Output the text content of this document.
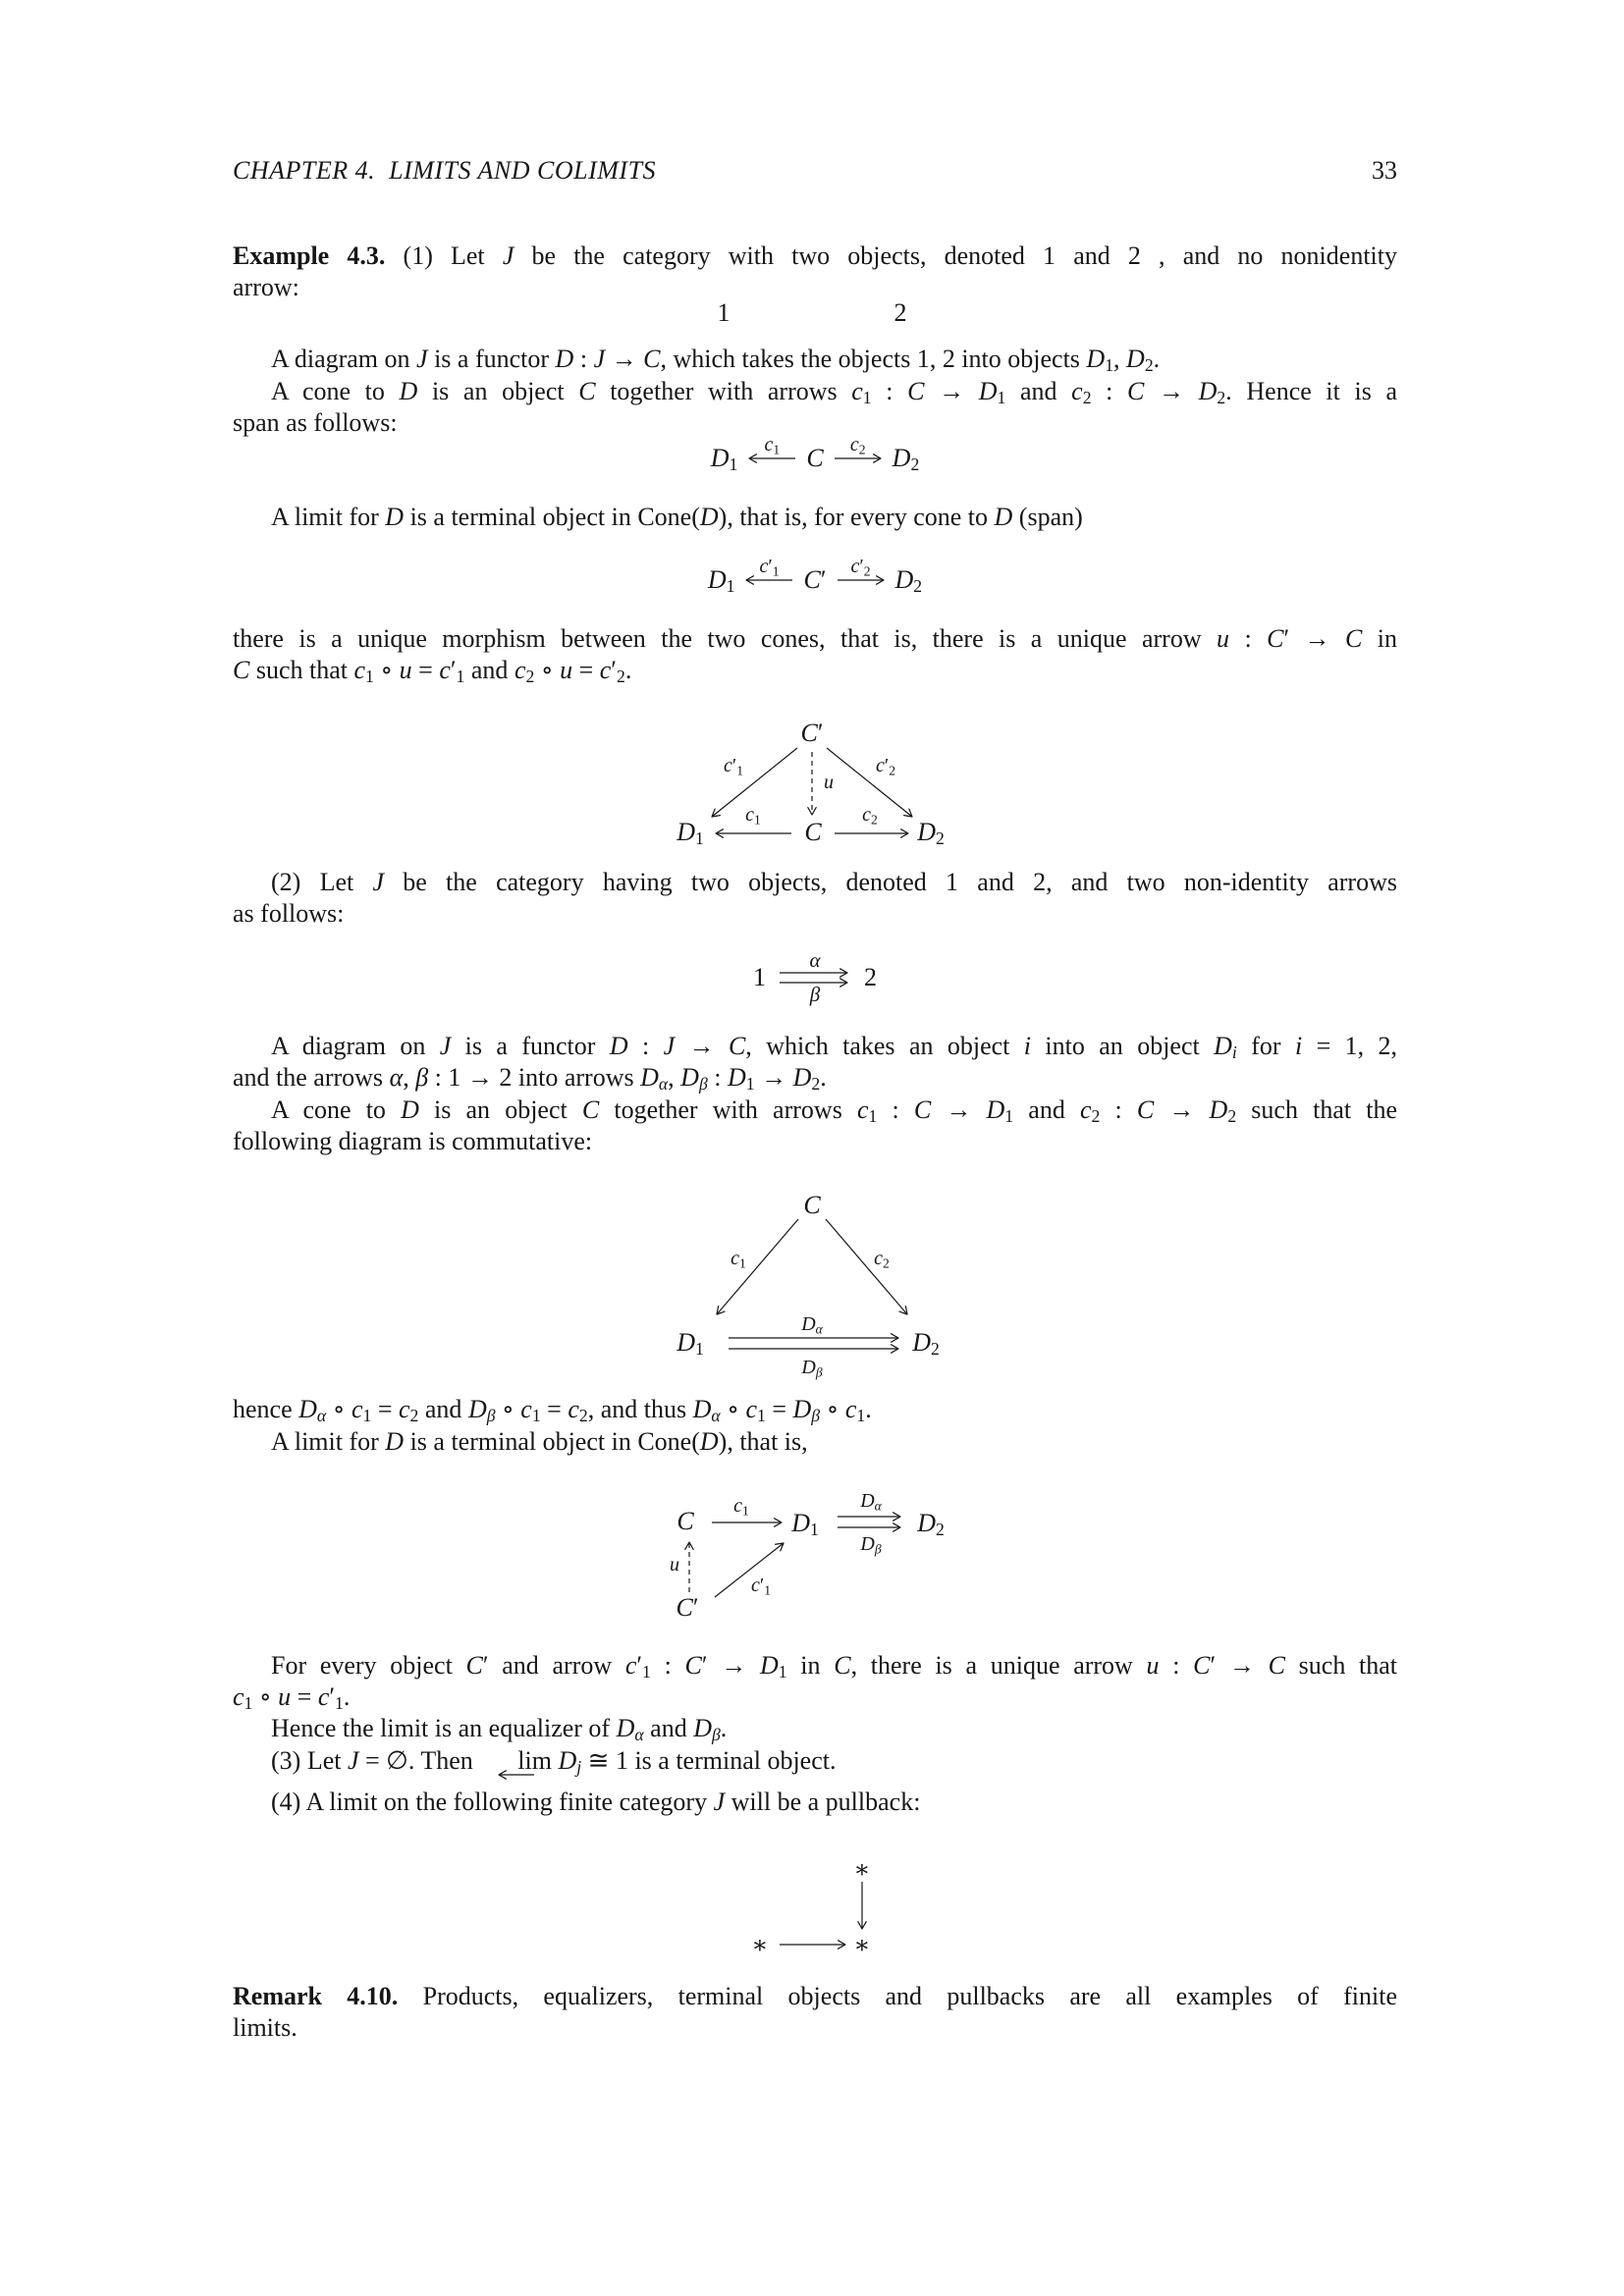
CHAPTER 4.  LIMITS AND COLIMITS	33
Example 4.3. (1) Let J be the category with two objects, denoted 1 and 2 , and no nonidentity
arrow:
1	2
A diagram on J is a functor D : J → C, which takes the objects 1, 2 into objects $D_1$, $D_2$.
A cone to D is an object C together with arrows $c_1$ : $C \to D_1$ and $c_2$ : $C \to D_2$. Hence it is a
span as follows:
$D_1$
$c_1$ C $c_2$ $D_2$
A limit for D is a terminal object in Cone(D), that is, for every cone to D (span)
$D_1$
$c'_1$ C′ $c'_2$ $D_2$
there is a unique morphism between the two cones, that is, there is a unique arrow u : C′ → C in
C such that $c_1$ ∘ $u = c'_1$ and $c_2$ ∘ $u = c'_2$.
C′
$c'_1$	$c'_2$
u
$D_1$
$c_1$ C
$c_2$ $D_2$
(2) Let J be the category having two objects, denoted 1 and 2, and two non-identity arrows
as follows:
1
α
β
2
A diagram on J is a functor D : J → C, which takes an object i into an object $D_i$ for i = 1, 2,
and the arrows α, β : 1 → 2 into arrows $D_\alpha$, $D_\beta$ : $D_1 \to D_2$.
A cone to D is an object C together with arrows $c_1$ : $C \to D_1$ and $c_2$ : $C \to D_2$ such that the
following diagram is commutative:
C
$c_1$	$c_2$
$D_1$
$D_\alpha$
$D_\beta$
$D_2$
hence $D_\alpha$ ∘ $c_1 = c_2$ and $D_\beta$ ∘ $c_1 = c_2$, and thus $D_\alpha$ ∘ $c_1 = D_\beta$ ∘ $c_1$.
A limit for D is a terminal object in Cone(D), that is,
C
$c_1$ $D_1$
$D_\alpha$
$D_\beta$
$D_2$
u
$c'_1$
C′
For every object C′ and arrow $c'_1$ : $C' \to D_1$ in C, there is a unique arrow u : C′ → C such that
$c_1$ ∘ $u = c'_1$.
Hence the limit is an equalizer of $D_\alpha$ and $D_\beta$.
(3) Let J = ∅. Then $\lim D_j$ ≅ 1 is a terminal object.
(4) A limit on the following finite category J will be a pullback:
∗
∗	∗
Remark 4.10. Products, equalizers, terminal objects and pullbacks are all examples of finite
limits.
